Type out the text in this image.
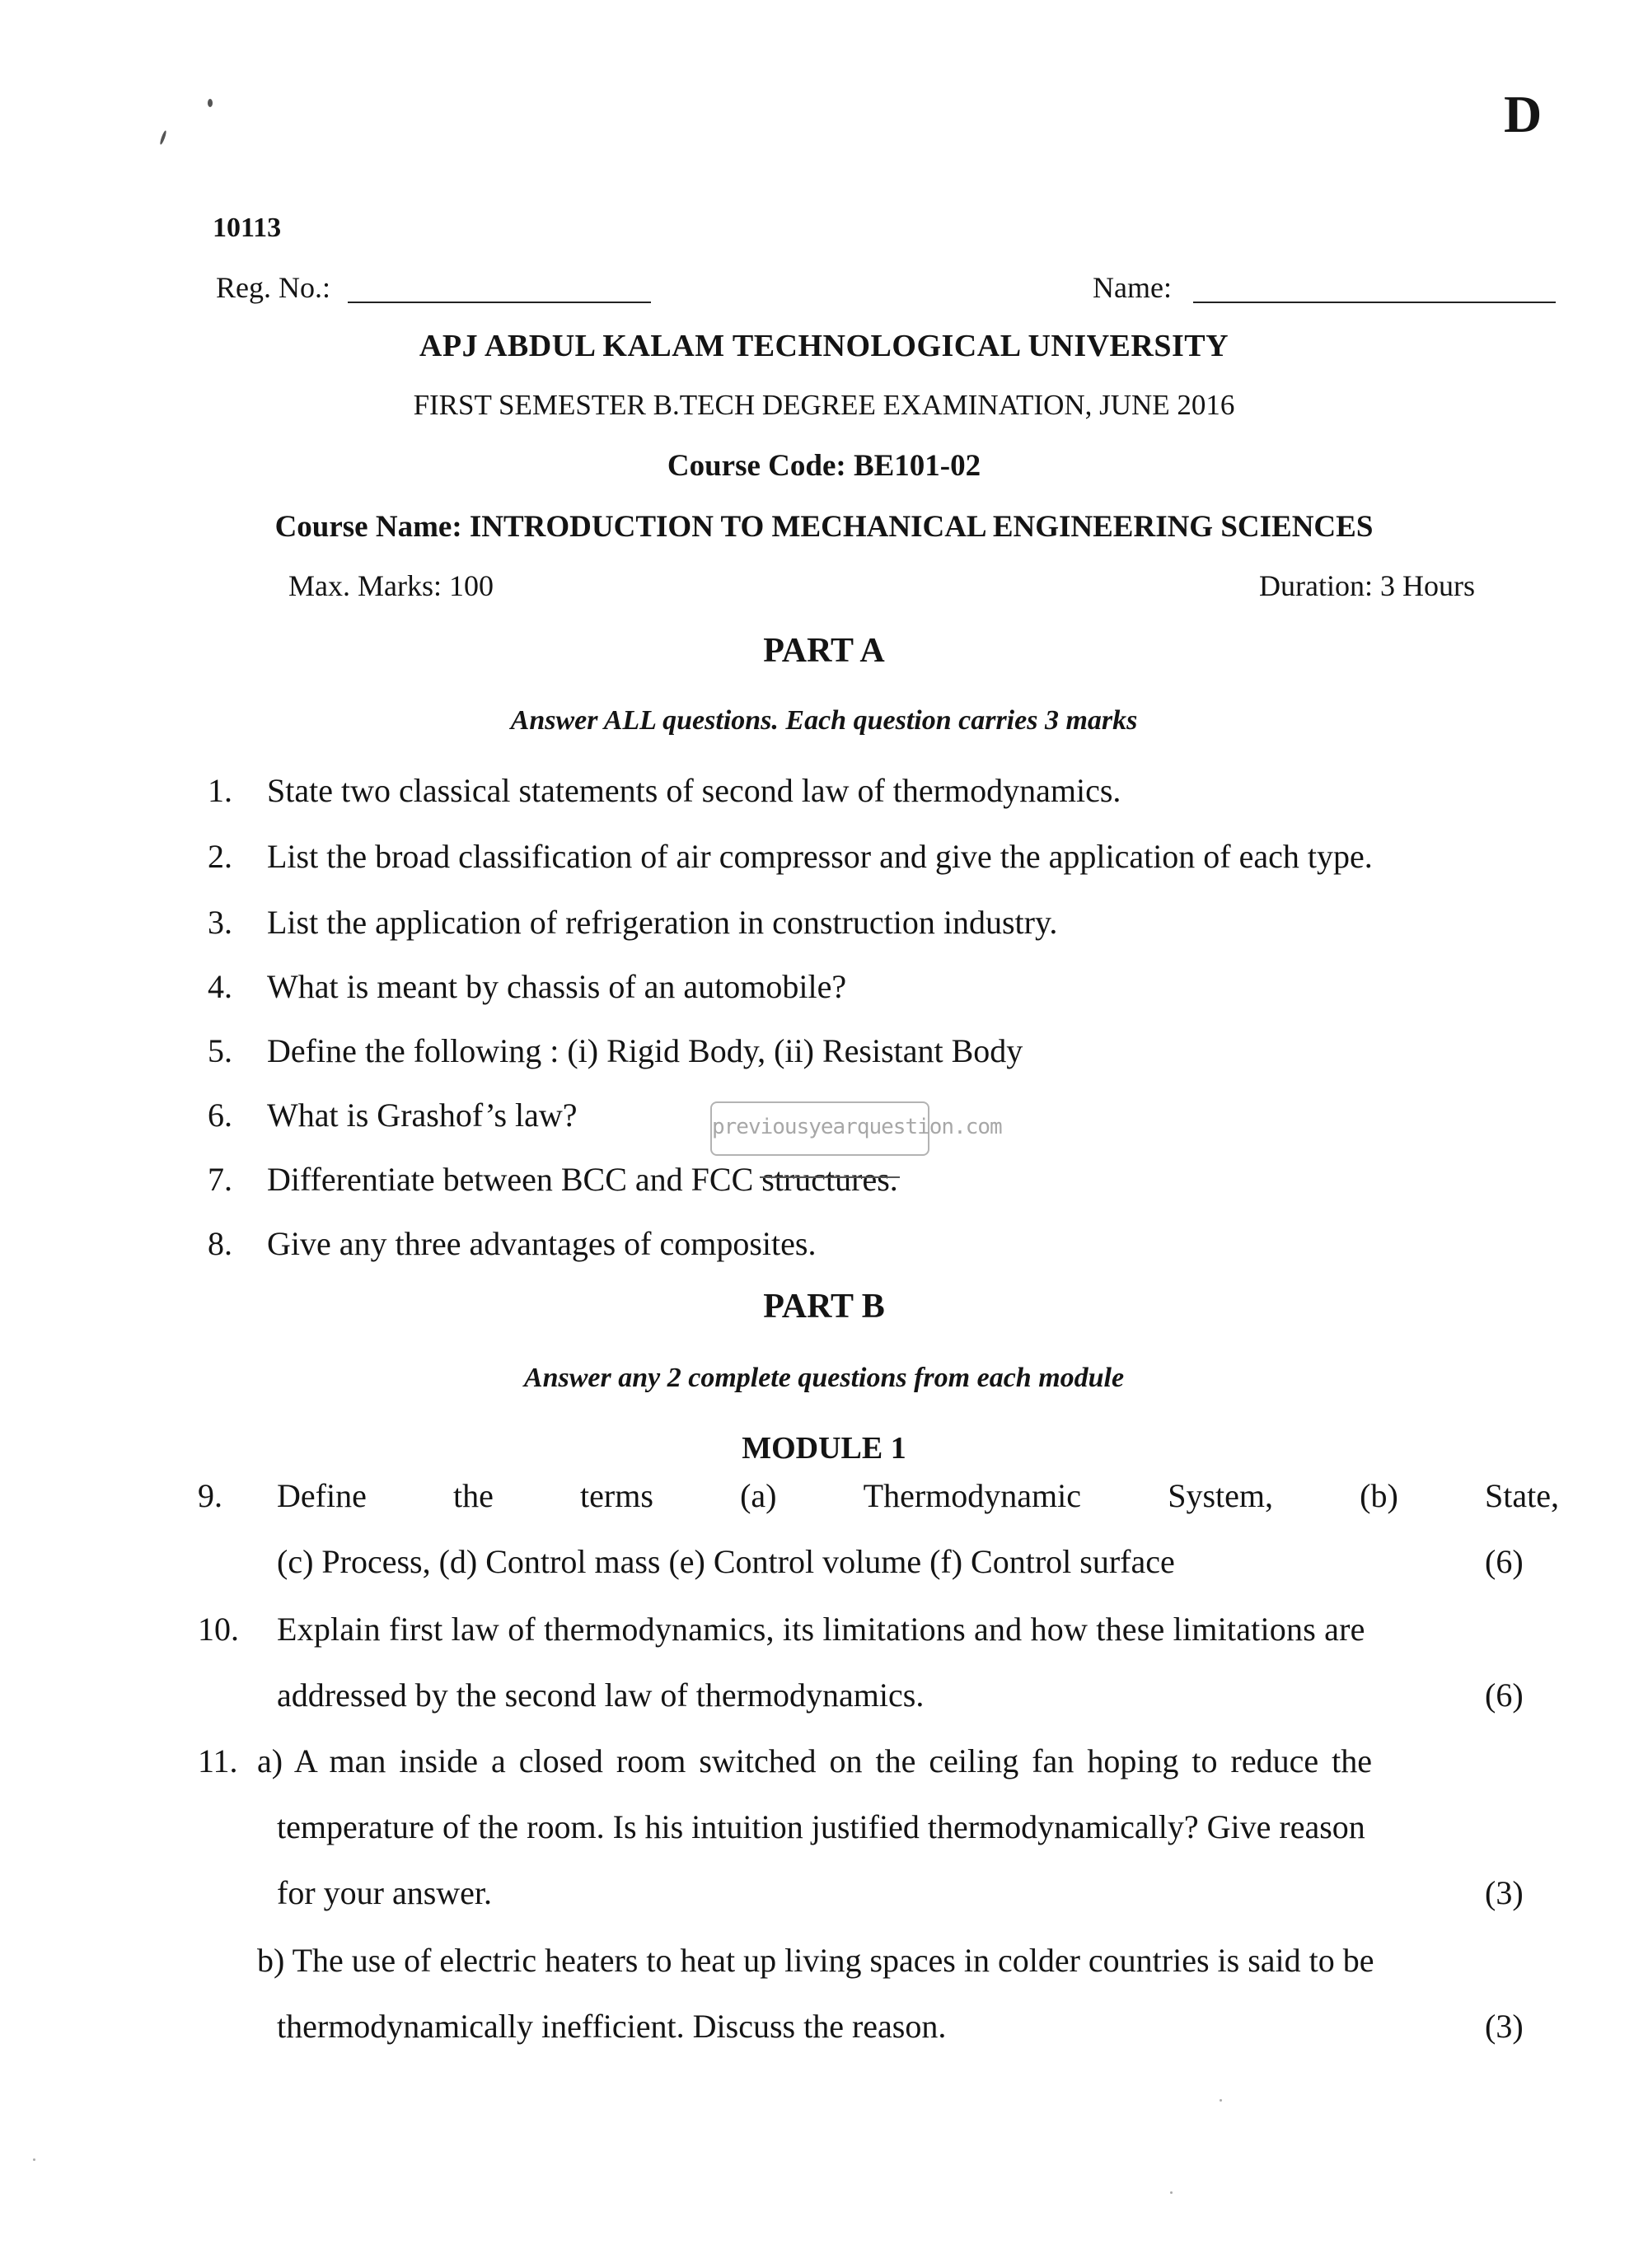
D
10113
Reg. No.:	Name:
APJ ABDUL KALAM TECHNOLOGICAL UNIVERSITY
FIRST SEMESTER B.TECH DEGREE EXAMINATION, JUNE 2016
Course Code: BE101-02
Course Name: INTRODUCTION TO MECHANICAL ENGINEERING SCIENCES
Max. Marks: 100	Duration: 3 Hours
PART A
Answer ALL questions. Each question carries 3 marks
1. State two classical statements of second law of thermodynamics.
2. List the broad classification of air compressor and give the application of each type.
3. List the application of refrigeration in construction industry.
4. What is meant by chassis of an automobile?
5. Define the following : (i) Rigid Body, (ii) Resistant Body
6. What is Grashof’s law?
7. Differentiate between BCC and FCC structures.
8. Give any three advantages of composites.
previousyearquestion.com
PART B
Answer any 2 complete questions from each module
MODULE 1
9. Define	the	terms	(a)	Thermodynamic	System,	(b)	State,
(c) Process, (d) Control mass (e) Control volume (f) Control surface	(6)
10. Explain first law of thermodynamics, its limitations and how these limitations are
addressed by the second law of thermodynamics.	(6)
11. a) A man inside a closed room switched on the ceiling fan hoping to reduce the
temperature of the room. Is his intuition justified thermodynamically? Give reason
for your answer.	(3)
b) The use of electric heaters to heat up living spaces in colder countries is said to be
thermodynamically inefficient. Discuss the reason.	(3)
